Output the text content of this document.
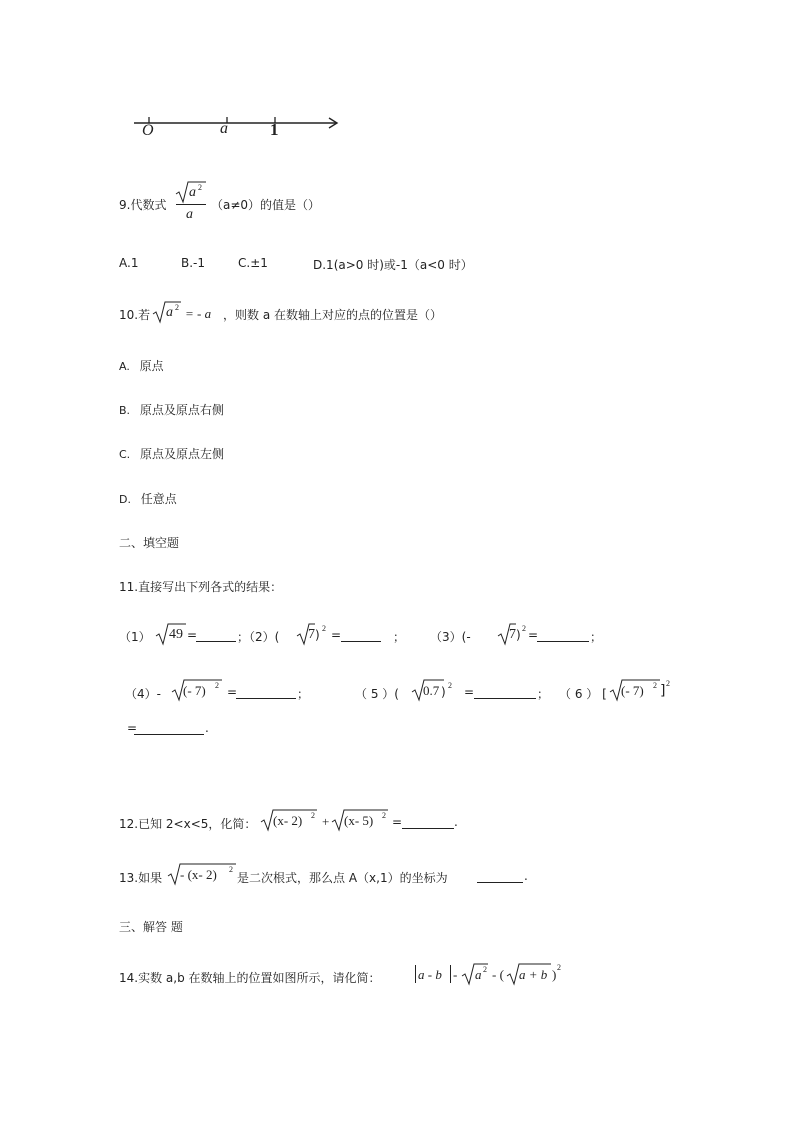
O	a 1
9.代数式
a 2
a
（a≠0）的值是（）
A.1	B.-1	C.±1	D.1(a>0 时)或-1（a<0 时）
10.若 a 2 = - a ，则数 a 在数轴上对应的点的位置是（）
A. 原点
B. 原点及原点右侧
C. 原点及原点左侧
D. 任意点
二、填空题
11.直接写出下列各式的结果：
（1） 49 =	；（2）( 7 ) 2 =	； （3）(-	7 ) 2 =	；
（4）- (- 7) 2 =	；	（ 5 ）( 0.7 ) 2 =	； （ 6 ） [ (- 7) 2 ] 2
=	.
12.已知 2<x<5，化简： (x- 2) 2 + (x- 5) 2 =	.
13.如果 - (x- 2) 2
是二次根式，那么点 A（x,1）的坐标为	.
三、解答 题
14.实数 a,b 在数轴上的位置如图所示，请化简：	a - b - a 2 - ( a + b ) 2
